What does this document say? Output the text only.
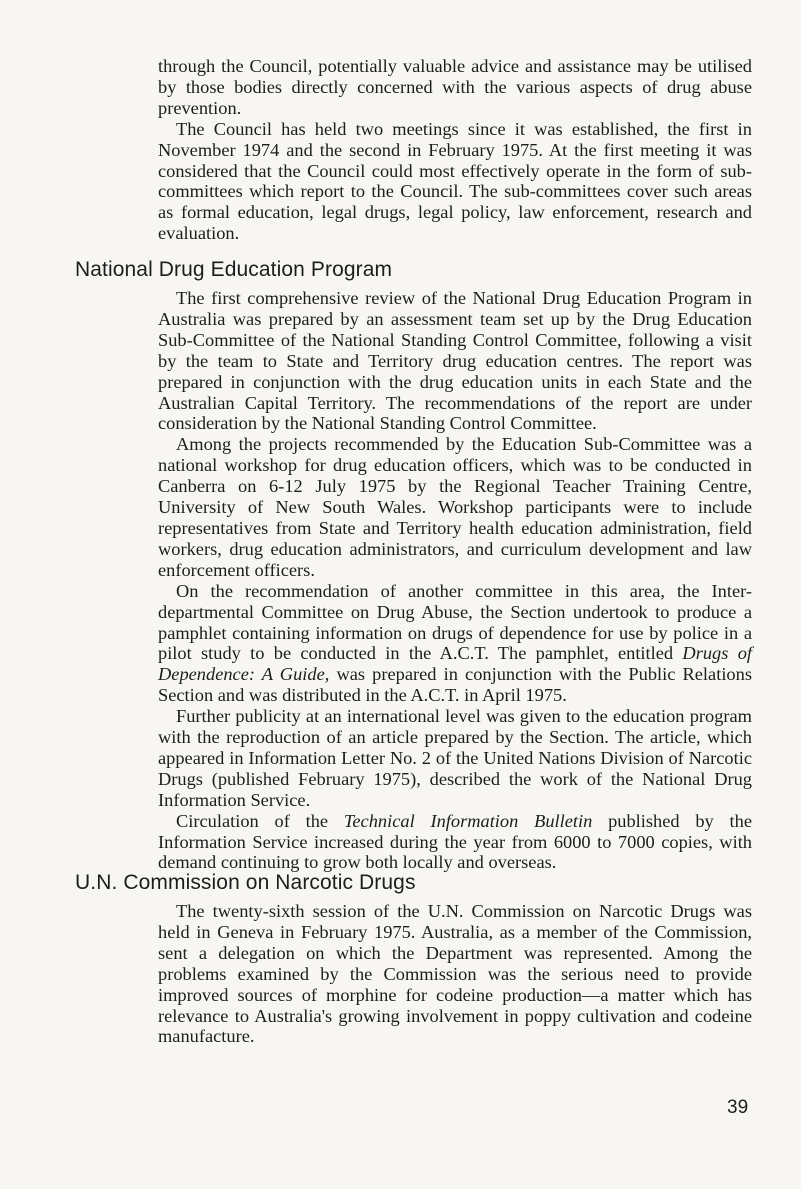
through the Council, potentially valuable advice and assistance may be utilised by those bodies directly concerned with the various aspects of drug abuse prevention.

The Council has held two meetings since it was established, the first in November 1974 and the second in February 1975. At the first meeting it was considered that the Council could most effectively operate in the form of sub-committees which report to the Council. The sub-committees cover such areas as formal education, legal drugs, legal policy, law enforcement, research and evaluation.

National Drug Education Program

The first comprehensive review of the National Drug Education Program in Australia was prepared by an assessment team set up by the Drug Education Sub-Committee of the National Standing Control Committee, following a visit by the team to State and Territory drug education centres. The report was prepared in conjunction with the drug education units in each State and the Australian Capital Territory. The recommendations of the report are under consideration by the National Standing Control Committee.

Among the projects recommended by the Education Sub-Committee was a national workshop for drug education officers, which was to be conducted in Canberra on 6-12 July 1975 by the Regional Teacher Training Centre, University of New South Wales. Workshop participants were to include representatives from State and Territory health education administration, field workers, drug education administrators, and curriculum development and law enforcement officers.

On the recommendation of another committee in this area, the Inter-departmental Committee on Drug Abuse, the Section undertook to produce a pamphlet containing information on drugs of dependence for use by police in a pilot study to be conducted in the A.C.T. The pamphlet, entitled Drugs of Dependence: A Guide, was prepared in conjunction with the Public Relations Section and was distributed in the A.C.T. in April 1975.

Further publicity at an international level was given to the education program with the reproduction of an article prepared by the Section. The article, which appeared in Information Letter No. 2 of the United Nations Division of Narcotic Drugs (published February 1975), described the work of the National Drug Information Service.

Circulation of the Technical Information Bulletin published by the Information Service increased during the year from 6000 to 7000 copies, with demand continuing to grow both locally and overseas.

U.N. Commission on Narcotic Drugs

The twenty-sixth session of the U.N. Commission on Narcotic Drugs was held in Geneva in February 1975. Australia, as a member of the Commission, sent a delegation on which the Department was represented. Among the problems examined by the Commission was the serious need to provide improved sources of morphine for codeine production—a matter which has relevance to Australia's growing involvement in poppy cultivation and codeine manufacture.

39
